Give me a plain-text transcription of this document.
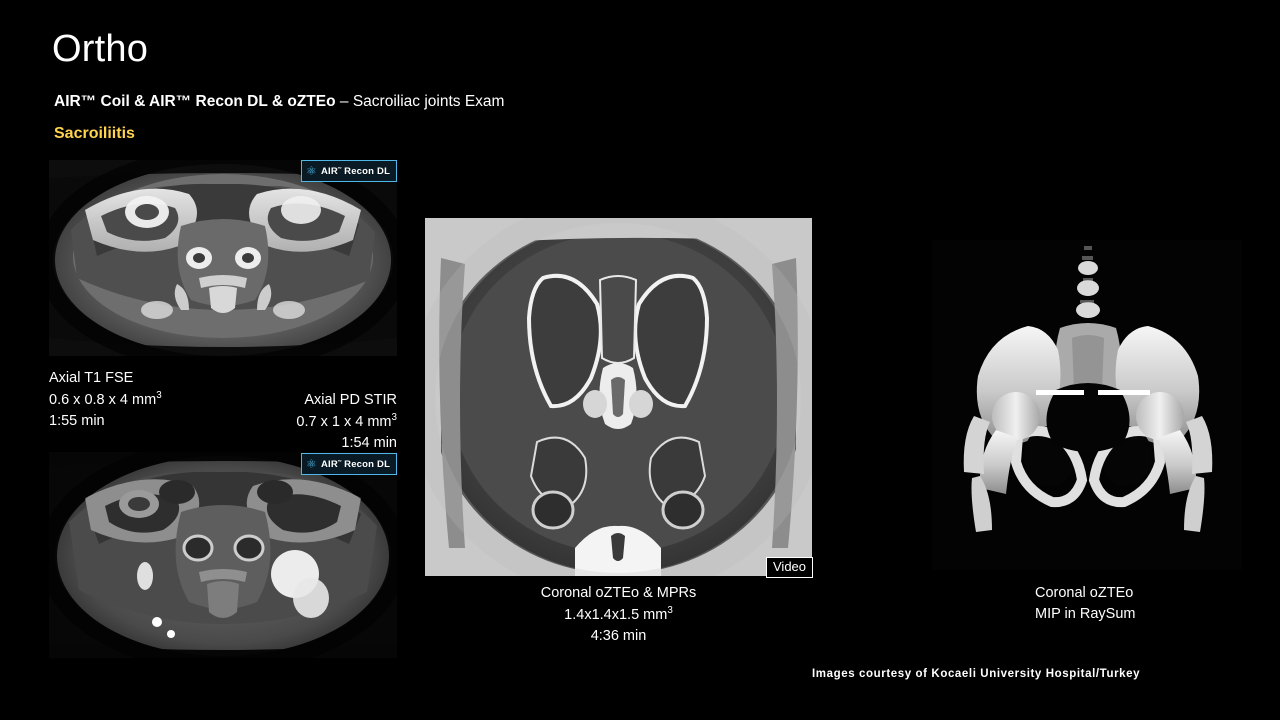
Ortho
AIR™ Coil & AIR™ Recon DL & oZTEo – Sacroiliac joints Exam
Sacroiliitis
⚛ AIR˜ Recon DL
Axial T1 FSE
0.6 x 0.8 x 4 $mm^3$
1:55 min
⚛ AIR˜ Recon DL
Axial PD STIR
0.7 x 1 x 4 $mm^3$
1:54 min
Video
Coronal oZTEo & MPRs
1.4x1.4x1.5 $mm^3$
4:36 min
Coronal oZTEo
MIP in RaySum
Images courtesy of Kocaeli University Hospital/Turkey
